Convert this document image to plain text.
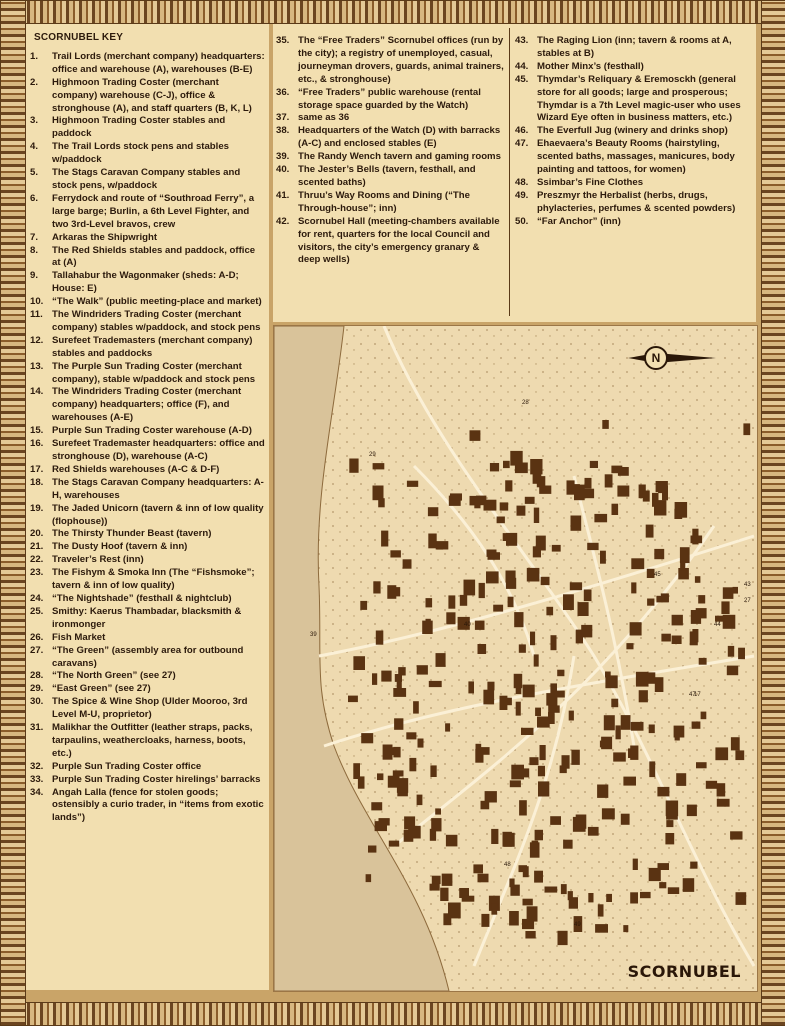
SCORNUBEL KEY
1.	Trail Lords (merchant company) headquarters: office and warehouse (A), warehouses (B-E)
2.	Highmoon Trading Coster (merchant company) warehouse (C-J), office & stronghouse (A), and staff quarters (B, K, L)
3.	Highmoon Trading Coster stables and paddock
4.	The Trail Lords stock pens and stables w/paddock
5.	The Stags Caravan Company stables and stock pens, w/paddock
6.	Ferrydock and route of “Southroad Ferry”, a large barge; Burlin, a 6th Level Fighter, and two 3rd-Level bravos, crew
7.	Arkaras the Shipwright
8.	The Red Shields stables and paddock, office at (A)
9.	Tallahabur the Wagonmaker (sheds: A-D; House: E)
10. “The Walk” (public meeting-place and market)
11. The Windriders Trading Coster (merchant company) stables w/paddock, and stock pens
12. Surefeet Trademasters (merchant company) stables and paddocks
13. The Purple Sun Trading Coster (merchant company), stable w/paddock and stock pens
14. The Windriders Trading Coster (merchant company) headquarters; office (F), and warehouses (A-E)
15. Purple Sun Trading Coster warehouse (A-D)
16. Surefeet Trademaster headquarters: office and stronghouse (D), warehouse (A-C)
17. Red Shields warehouses (A-C & D-F)
18. The Stags Caravan Company headquarters: A-H, warehouses
19. The Jaded Unicorn (tavern & inn of low quality (flophouse))
20. The Thirsty Thunder Beast (tavern)
21. The Dusty Hoof (tavern & inn)
22. Traveler’s Rest (inn)
23. The Fishym & Smoka Inn (The “Fishsmoke”; tavern & inn of low quality)
24. “The Nightshade” (festhall & nightclub)
25. Smithy: Kaerus Thambadar, blacksmith & ironmonger
26. Fish Market
27. “The Green” (assembly area for outbound caravans)
28. “The North Green” (see 27)
29. “East Green” (see 27)
30. The Spice & Wine Shop (Ulder Mooroo, 3rd Level M-U, proprietor)
31. Malikhar the Outfitter (leather straps, packs, tarpaulins, weathercloaks, harness, boots, etc.)
32. Purple Sun Trading Coster office
33. Purple Sun Trading Coster hirelings’ barracks
34. Angah Lalla (fence for stolen goods; ostensibly a curio trader, in “items from exotic lands”)
35. The “Free Traders” Scornubel offices (run by the city); a registry of unemployed, casual, journeyman drovers, guards, animal trainers, etc., & stronghouse)
36. “Free Traders” public warehouse (rental storage space guarded by the Watch)
37. same as 36
38. Headquarters of the Watch (D) with barracks (A-C) and enclosed stables (E)
39. The Randy Wench tavern and gaming rooms
40. The Jester’s Bells (tavern, festhall, and scented baths)
41. Thruu’s Way Rooms and Dining (“The Through-house”; inn)
42. Scornubel Hall (meeting-chambers available for rent, quarters for the local Council and visitors, the city’s emergency granary & deep wells)
43. The Raging Lion (inn; tavern & rooms at A, stables at B)
44. Mother Minx’s (festhall)
45. Thymdar’s Reliquary & Eremosckh (general store for all goods; large and prosperous; Thymdar is a 7th Level magic-user who uses Wizard Eye often in business matters, etc.)
46. The Everfull Jug (winery and drinks shop)
47. Ehaevaera’s Beauty Rooms (hairstyling, scented baths, massages, manicures, body painting and tattoos, for women)
48. Ssimbar’s Fine Clothes
49. Preszmyr the Herbalist (herbs, drugs, phylacteries, perfumes & scented powders)
50. “Far Anchor” (inn)
27
28
29
39
40
43
44
45
47
48
49
17
N
SCORNUBEL
